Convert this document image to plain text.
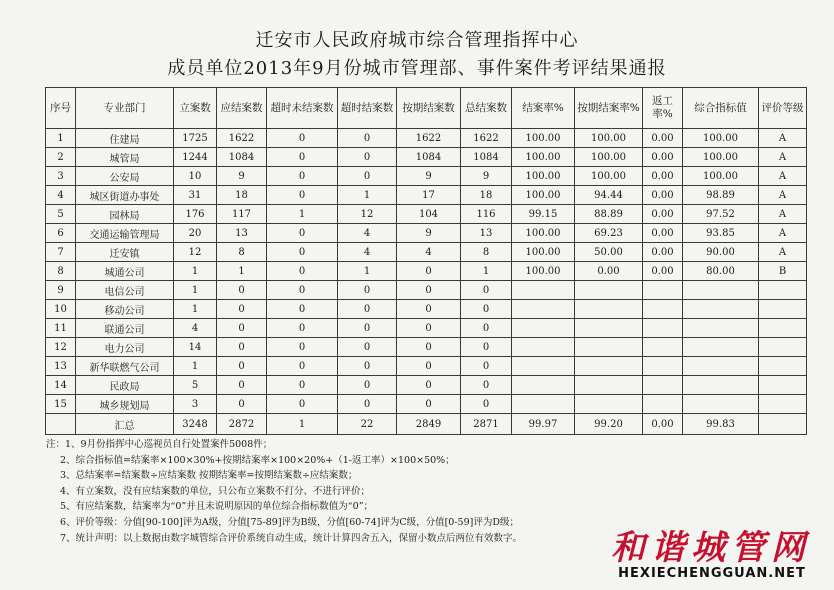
迁安市人民政府城市综合管理指挥中心
成员单位2013年9月份城市管理部、事件案件考评结果通报
序号	专业部门	立案数	应结案数	超时未结案数	超时结案数	按期结案数	总结案数	结案率%	按期结案率%	返工率%	综合指标值	评价等级
1	住建局	1725	1622	0	0	1622	1622	100.00	100.00	0.00	100.00	A
2	城管局	1244	1084	0	0	1084	1084	100.00	100.00	0.00	100.00	A
3	公安局	10	9	0	0	9	9	100.00	100.00	0.00	100.00	A
4	城区街道办事处	31	18	0	1	17	18	100.00	94.44	0.00	98.89	A
5	园林局	176	117	1	12	104	116	99.15	88.89	0.00	97.52	A
6	交通运输管理局	20	13	0	4	9	13	100.00	69.23	0.00	93.85	A
7	迁安镇	12	8	0	4	4	8	100.00	50.00	0.00	90.00	A
8	城通公司	1	1	0	1	0	1	100.00	0.00	0.00	80.00	B
9	电信公司	1	0	0	0	0	0					
10	移动公司	1	0	0	0	0	0					
11	联通公司	4	0	0	0	0	0					
12	电力公司	14	0	0	0	0	0					
13	新华联燃气公司	1	0	0	0	0	0					
14	民政局	5	0	0	0	0	0					
15	城乡规划局	3	0	0	0	0	0					
	汇总	3248	2872	1	22	2849	2871	99.97	99.20	0.00	99.83	
注：1、9月份指挥中心巡视员自行处置案件5008件；
2、综合指标值=结案率×100×30%+按期结案率×100×20%+（1-返工率）×100×50%；
3、总结案率=结案数÷应结案数 按期结案率=按期结案数÷应结案数；
4、有立案数，没有应结案数的单位，只公布立案数不打分、不进行评价；
5、有应结案数，结案率为“0”并且未说明原因的单位综合指标数值为“0”；
6、评价等级：分值[90-100]评为A级，分值[75-89]评为B级，分值[60-74]评为C级，分值[0-59]评为D级；
7、统计声明：以上数据由数字城管综合评价系统自动生成，统计计算四舍五入，保留小数点后两位有效数字。	和谐城管网
HEXIECHENGGUAN.NET
